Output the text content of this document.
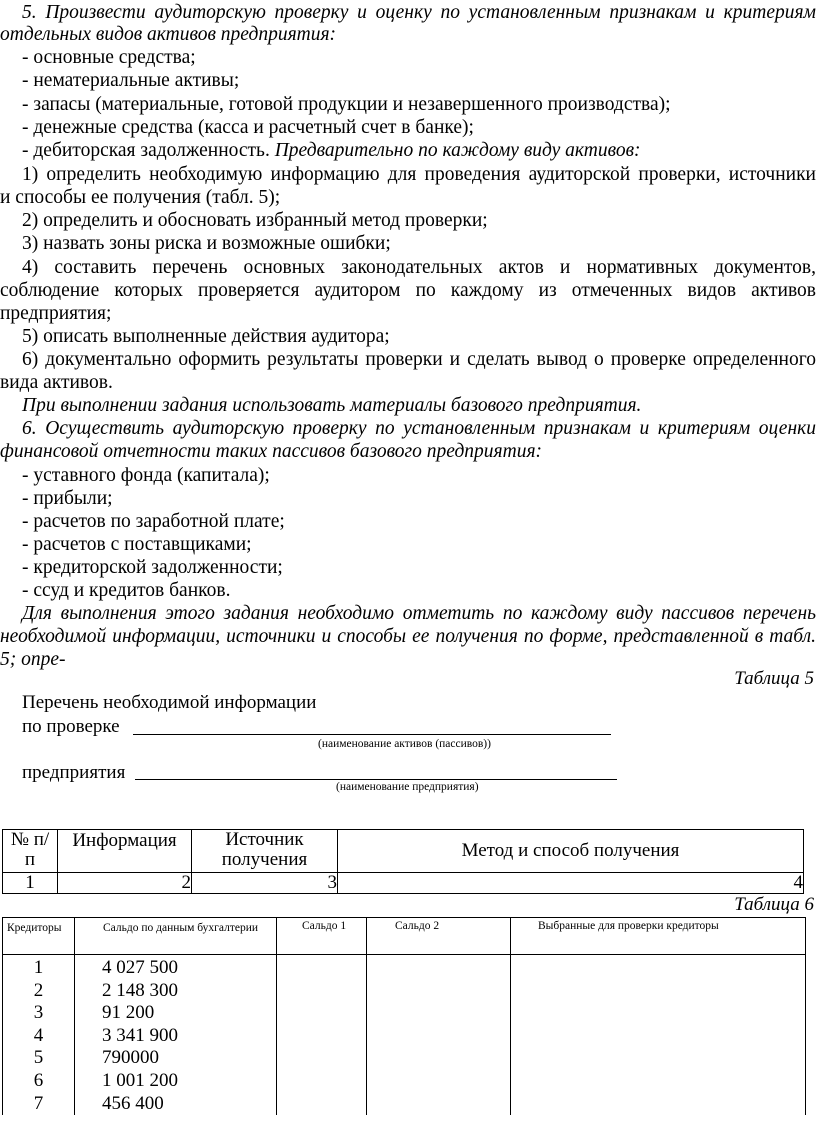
5. Произвести аудиторскую проверку и оценку по установленным признакам и критериям
отдельных видов активов предприятия:
- основные средства;
- нематериальные активы;
- запасы (материальные, готовой продукции и незавершенного производства);
- денежные средства (касса и расчетный счет в банке);
- дебиторская задолженность. Предварительно по каждому виду активов:
1) определить необходимую информацию для проведения аудиторской проверки, источники
и способы ее получения (табл. 5);
2) определить и обосновать избранный метод проверки;
3) назвать зоны риска и возможные ошибки;
4) составить перечень основных законодательных актов и нормативных документов,
соблюдение которых проверяется аудитором по каждому из отмеченных видов активов
предприятия;
5) описать выполненные действия аудитора;
6) документально оформить результаты проверки и сделать вывод о проверке определенного
вида активов.
При выполнении задания использовать материалы базового предприятия.
6. Осуществить аудиторскую проверку по установленным признакам и критериям оценки
финансовой отчетности таких пассивов базового предприятия:
- уставного фонда (капитала);
- прибыли;
- расчетов по заработной плате;
- расчетов с поставщиками;
- кредиторской задолженности;
- ссуд и кредитов банков.
Для выполнения этого задания необходимо отметить по каждому виду пассивов перечень
необходимой информации, источники и способы ее получения по форме, представленной в табл.
5; опре-
Таблица 5
Перечень необходимой информации
по проверке
(наименование активов (пассивов))
предприятия
(наименование предприятия)
№ п/п	Информация	Источник получения	Метод и способ получения
1	2	3	4
Таблица 6
Кредиторы	Сальдо по данным бухгалтерии	Сальдо 1	Сальдо 2	Выбранные для проверки кредиторы

1	4 027 500			
2	2 148 300			
3	91 200			
4	3 341 900			
5	790000			
6	1 001 200			
7	456 400			
